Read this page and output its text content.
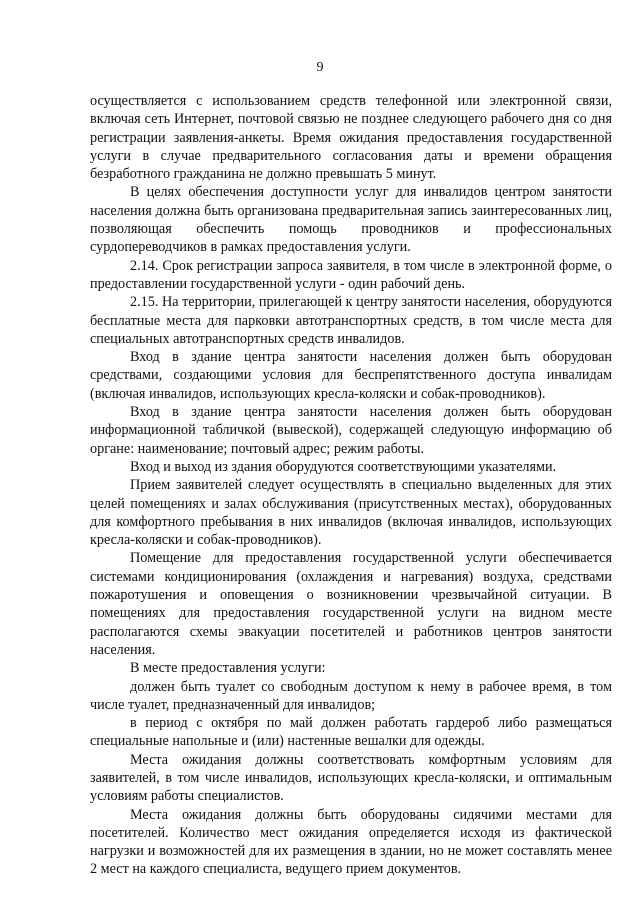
9

осуществляется с использованием средств телефонной или электронной связи, включая сеть Интернет, почтовой связью не позднее следующего рабочего дня со дня регистрации заявления-анкеты. Время ожидания предоставления государственной услуги в случае предварительного согласования даты и времени обращения безработного гражданина не должно превышать 5 минут.

В целях обеспечения доступности услуг для инвалидов центром занятости населения должна быть организована предварительная запись заинтересованных лиц, позволяющая обеспечить помощь проводников и профессиональных сурдопереводчиков в рамках предоставления услуги.

2.14. Срок регистрации запроса заявителя, в том числе в электронной форме, о предоставлении государственной услуги - один рабочий день.

2.15. На территории, прилегающей к центру занятости населения, оборудуются бесплатные места для парковки автотранспортных средств, в том числе места для специальных автотранспортных средств инвалидов.

Вход в здание центра занятости населения должен быть оборудован средствами, создающими условия для беспрепятственного доступа инвалидам (включая инвалидов, использующих кресла-коляски и собак-проводников).

Вход в здание центра занятости населения должен быть оборудован информационной табличкой (вывеской), содержащей следующую информацию об органе: наименование; почтовый адрес; режим работы.

Вход и выход из здания оборудуются соответствующими указателями.

Прием заявителей следует осуществлять в специально выделенных для этих целей помещениях и залах обслуживания (присутственных местах), оборудованных для комфортного пребывания в них инвалидов (включая инвалидов, использующих кресла-коляски и собак-проводников).

Помещение для предоставления государственной услуги обеспечивается системами кондиционирования (охлаждения и нагревания) воздуха, средствами пожаротушения и оповещения о возникновении чрезвычайной ситуации. В помещениях для предоставления государственной услуги на видном месте располагаются схемы эвакуации посетителей и работников центров занятости населения.

В месте предоставления услуги:

должен быть туалет со свободным доступом к нему в рабочее время, в том числе туалет, предназначенный для инвалидов;

в период с октября по май должен работать гардероб либо размещаться специальные напольные и (или) настенные вешалки для одежды.

Места ожидания должны соответствовать комфортным условиям для заявителей, в том числе инвалидов, использующих кресла-коляски, и оптимальным условиям работы специалистов.

Места ожидания должны быть оборудованы сидячими местами для посетителей. Количество мест ожидания определяется исходя из фактической нагрузки и возможностей для их размещения в здании, но не может составлять менее 2 мест на каждого специалиста, ведущего прием документов.
